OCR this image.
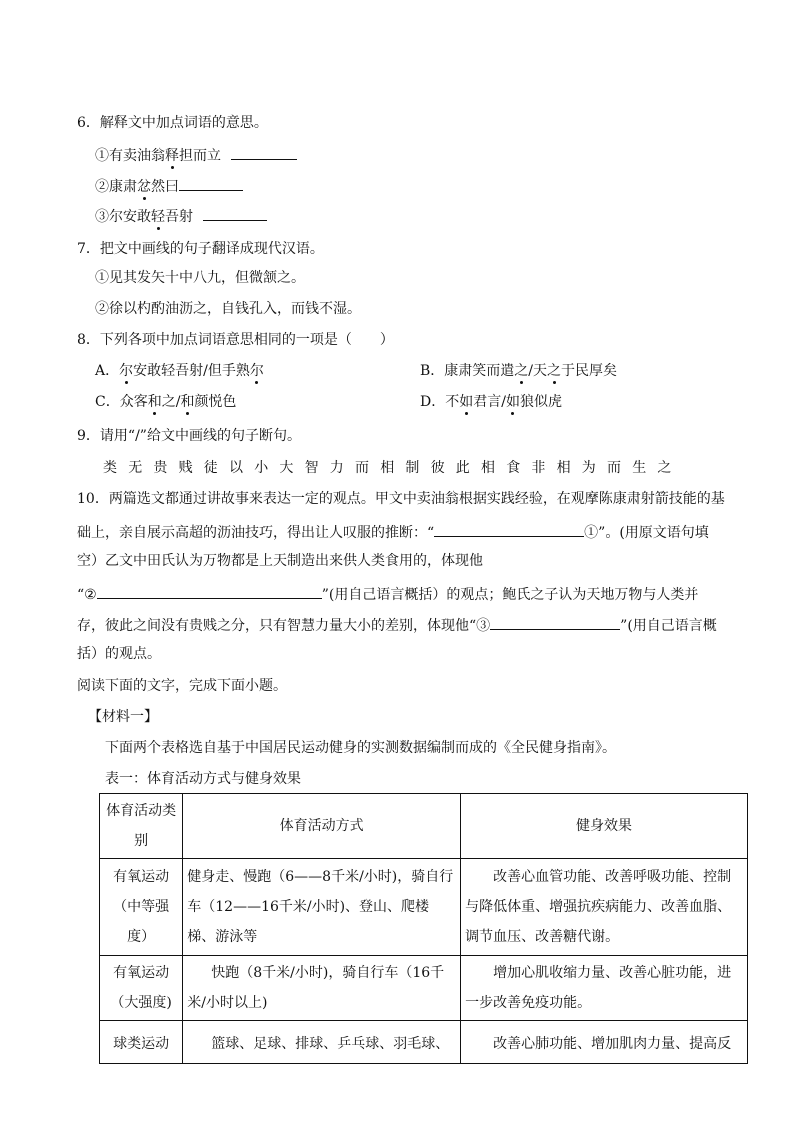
6．解释文中加点词语的意思。
①有卖油翁释担而立
②康肃忿然曰
③尔安敢轻吾射
7．把文中画线的句子翻译成现代汉语。
①见其发矢十中八九，但微颔之。
②徐以杓酌油沥之，自钱孔入，而钱不湿。
8．下列各项中加点词语意思相同的一项是（　　）
A．尔安敢轻吾射/但手熟尔	B．康肃笑而遣之/天之于民厚矣
C．众客和之/和颜悦色	D．不如君言/如狼似虎
9．请用“/”给文中画线的句子断句。
类无贵贱徒以小大智力而相制彼此相食非相为而生之
10．两篇选文都通过讲故事来表达一定的观点。甲文中卖油翁根据实践经验，在观摩陈康肃射箭技能的基
础上，亲自展示高超的沥油技巧，得出让人叹服的推断：“	①”。(用原文语句填
空）乙文中田氏认为万物都是上天制造出来供人类食用的，体现他
“②	”(用自己语言概括）的观点；鲍氏之子认为天地万物与人类并
存，彼此之间没有贵贱之分，只有智慧力量大小的差别，体现他“③	”(用自己语言概
括）的观点。
阅读下面的文字，完成下面小题。
【材料一】
下面两个表格选自基于中国居民运动健身的实测数据编制而成的《全民健身指南》。
表一：体育活动方式与健身效果
体育活动类别	体育活动方式	健身效果
有氧运动（中等强度）	健身走、慢跑（6——8千米/小时)，骑自行车（12——16千米/小时)、登山、爬楼梯、游泳等	改善心血管功能、改善呼吸功能、控制与降低体重、增强抗疾病能力、改善血脂、调节血压、改善糖代谢。
有氧运动（大强度)	快跑（8千米/小时)，骑自行车（16千米/小时以上)	增加心肌收缩力量、改善心脏功能，进一步改善免疫功能。
球类运动	篮球、足球、排球、乒乓球、羽毛球、	改善心肺功能、增加肌肉力量、提高反
